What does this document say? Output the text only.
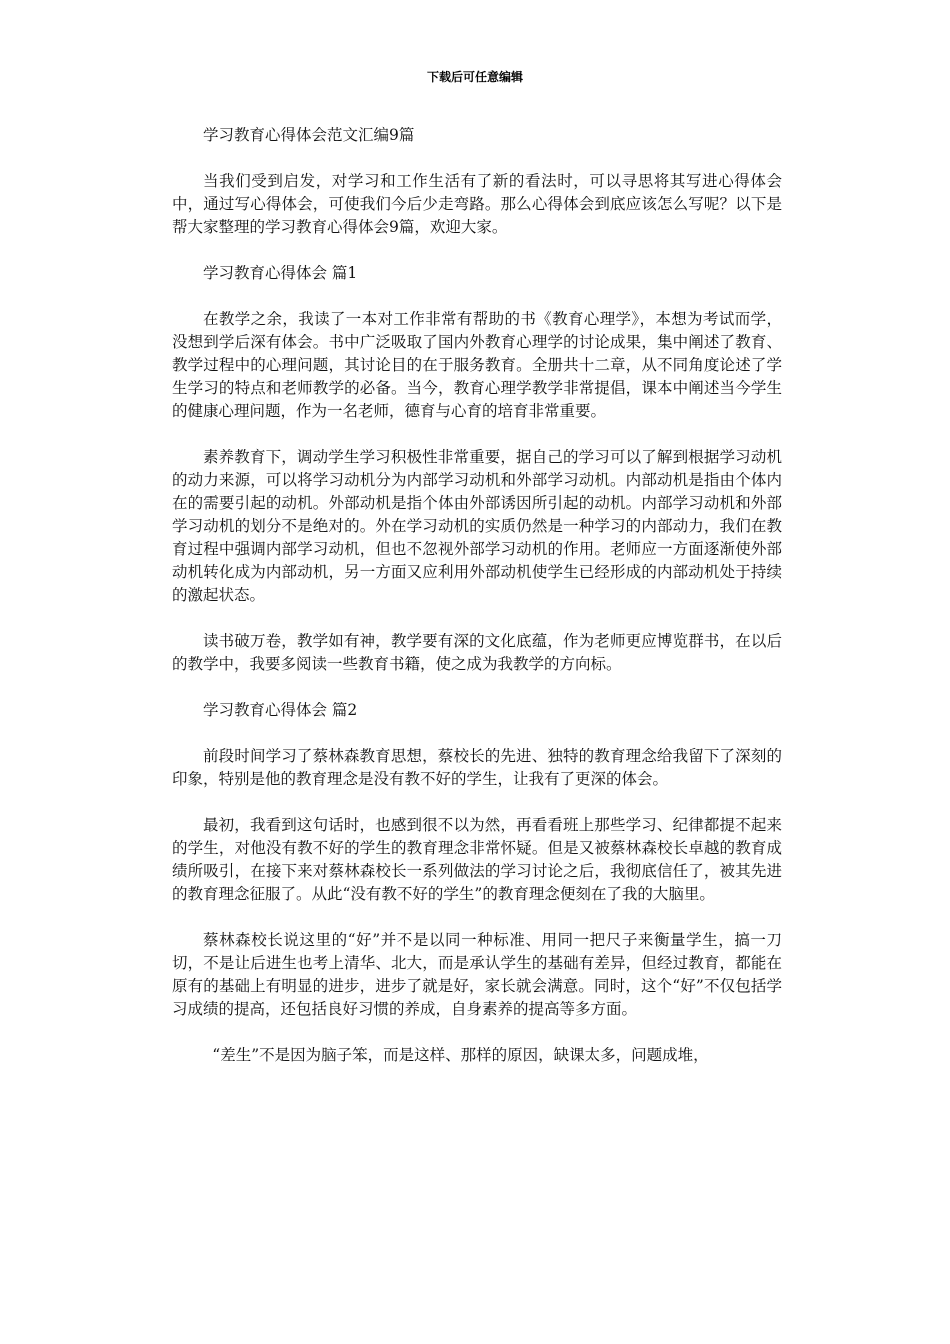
下载后可任意编辑

学习教育心得体会范文汇编9篇

当我们受到启发，对学习和工作生活有了新的看法时，可以寻思将其写进心得体会中，通过写心得体会，可使我们今后少走弯路。那么心得体会到底应该怎么写呢？以下是帮大家整理的学习教育心得体会9篇，欢迎大家。

学习教育心得体会 篇1

在教学之余，我读了一本对工作非常有帮助的书《教育心理学》，本想为考试而学，没想到学后深有体会。书中广泛吸取了国内外教育心理学的讨论成果，集中阐述了教育、教学过程中的心理问题，其讨论目的在于服务教育。全册共十二章，从不同角度论述了学生学习的特点和老师教学的必备。当今，教育心理学教学非常提倡，课本中阐述当今学生的健康心理问题，作为一名老师，德育与心育的培育非常重要。

素养教育下，调动学生学习积极性非常重要，据自己的学习可以了解到根据学习动机的动力来源，可以将学习动机分为内部学习动机和外部学习动机。内部动机是指由个体内在的需要引起的动机。外部动机是指个体由外部诱因所引起的动机。内部学习动机和外部学习动机的划分不是绝对的。外在学习动机的实质仍然是一种学习的内部动力，我们在教育过程中强调内部学习动机，但也不忽视外部学习动机的作用。老师应一方面逐渐使外部动机转化成为内部动机，另一方面又应利用外部动机使学生已经形成的内部动机处于持续的激起状态。

读书破万卷，教学如有神，教学要有深的文化底蕴，作为老师更应博览群书，在以后的教学中，我要多阅读一些教育书籍，使之成为我教学的方向标。

学习教育心得体会 篇2

前段时间学习了蔡林森教育思想，蔡校长的先进、独特的教育理念给我留下了深刻的印象，特别是他的教育理念是没有教不好的学生，让我有了更深的体会。

最初，我看到这句话时，也感到很不以为然，再看看班上那些学习、纪律都提不起来的学生，对他没有教不好的学生的教育理念非常怀疑。但是又被蔡林森校长卓越的教育成绩所吸引，在接下来对蔡林森校长一系列做法的学习讨论之后，我彻底信任了，被其先进的教育理念征服了。从此“没有教不好的学生”的教育理念便刻在了我的大脑里。

蔡林森校长说这里的“好”并不是以同一种标准、用同一把尺子来衡量学生，搞一刀切，不是让后进生也考上清华、北大，而是承认学生的基础有差异，但经过教育，都能在原有的基础上有明显的进步，进步了就是好，家长就会满意。同时，这个“好”不仅包括学习成绩的提高，还包括良好习惯的养成，自身素养的提高等多方面。

“差生”不是因为脑子笨，而是这样、那样的原因，缺课太多，问题成堆，
